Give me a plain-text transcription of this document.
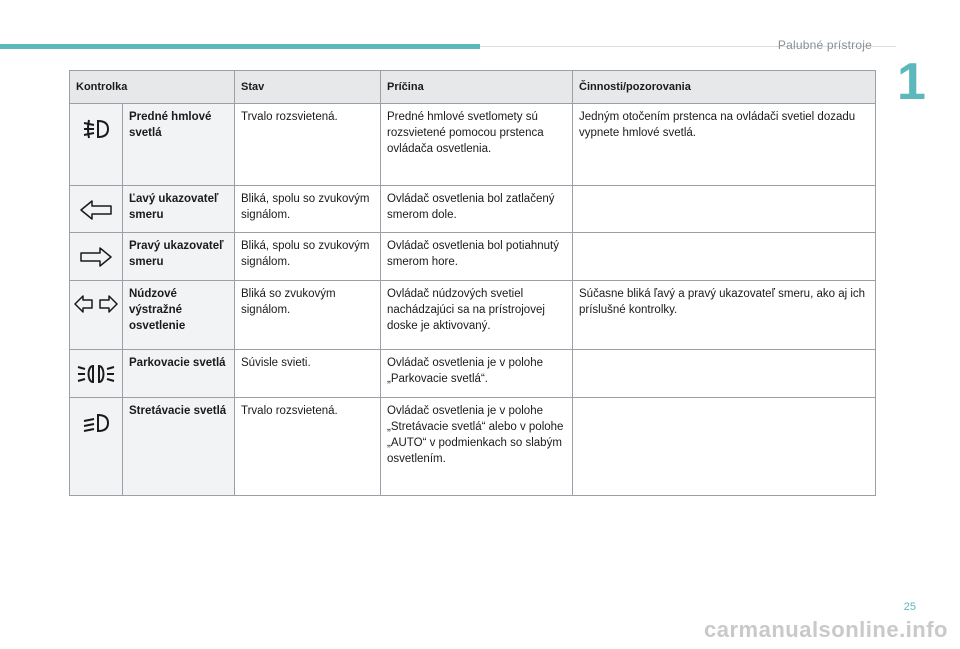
Palubné prístroje
1
Kontrolka		Stav	Príčina	Činnosti/pozorovania

	Predné hmlové svetlá	Trvalo rozsvietená.	Predné hmlové svetlomety sú rozsvietené pomocou prstenca ovládača osvetlenia.	Jedným otočením prstenca na ovládači svetiel dozadu vypnete hmlové svetlá.

	Ľavý ukazovateľ smeru	Bliká, spolu so zvukovým signálom.	Ovládač osvetlenia bol zatlačený smerom dole.	

	Pravý ukazovateľ smeru	Bliká, spolu so zvukovým signálom.	Ovládač osvetlenia bol potiahnutý smerom hore.	

	Núdzové výstražné osvetlenie	Bliká so zvukovým signálom.	Ovládač núdzových svetiel nachádzajúci sa na prístrojovej doske je aktivovaný.	Súčasne bliká ľavý a pravý ukazovateľ smeru, ako aj ich príslušné kontrolky.

	Parkovacie svetlá	Súvisle svieti.	Ovládač osvetlenia je v polohe „Parkovacie svetlá“.	

	Stretávacie svetlá	Trvalo rozsvietená.	Ovládač osvetlenia je v polohe „Stretávacie svetlá“ alebo v polohe „AUTO“ v podmienkach so slabým osvetlením.	
25
carmanualsonline.info
